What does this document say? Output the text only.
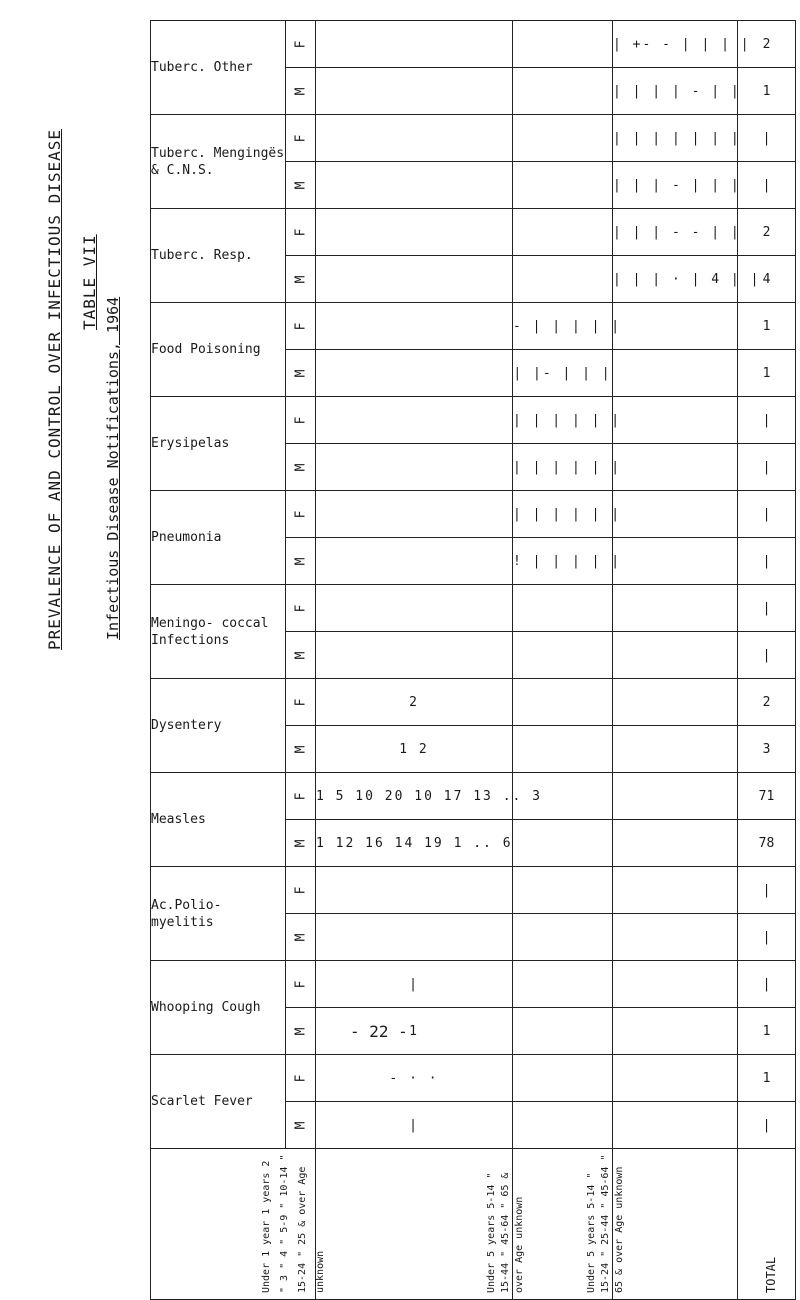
PREVALENCE OF AND CONTROL OVER INFECTIOUS DISEASE TABLE VII
Infectious Disease Notifications, 1964
Tuberc. Other	F			| +- - | | | |	2
	M			| | | | - | |	1
Tuberc. Mengingës & C.N.S.	F			| | | | | | |	|
	M			| | | - | | |	|
Tuberc. Resp.	F			| | | - - | |	2
	M			| | | · | 4 | |	4
Food Poisoning	F		- | | | | |		1
	M		| |- | | |		1
Erysipelas	F		| | | | | |		|
	M		| | | | | |		|
Pneumonia	F		| | | | | |		|
	M		! | | | | |		|
Meningo- coccal Infections	F				|
	M				|
Dysentery	F	2			2
	M	1 2			3
Measles	F	1 5 10 20 10 17 13 .. 3			71
	M	1 12 16 14 19 1 .. 6			78
Ac.Polio- myelitis	F				|
	M				|
Whooping Cough	F	|			|
	M	1			1
Scarlet Fever	F	- · ·			1
	M	|			|

		Under 1 year 1 years 2 " 3 " 4 " 5-9 " 10-14 " 15-24 " 25 & over Age unknown	Under 5 years 5-14 " 15-44 " 45-64 " 65 & over Age unknown	Under 5 years 5-14 " 15-24 " 25-44 " 45-64 " 65 & over Age unknown	TOTAL
- 22 -
